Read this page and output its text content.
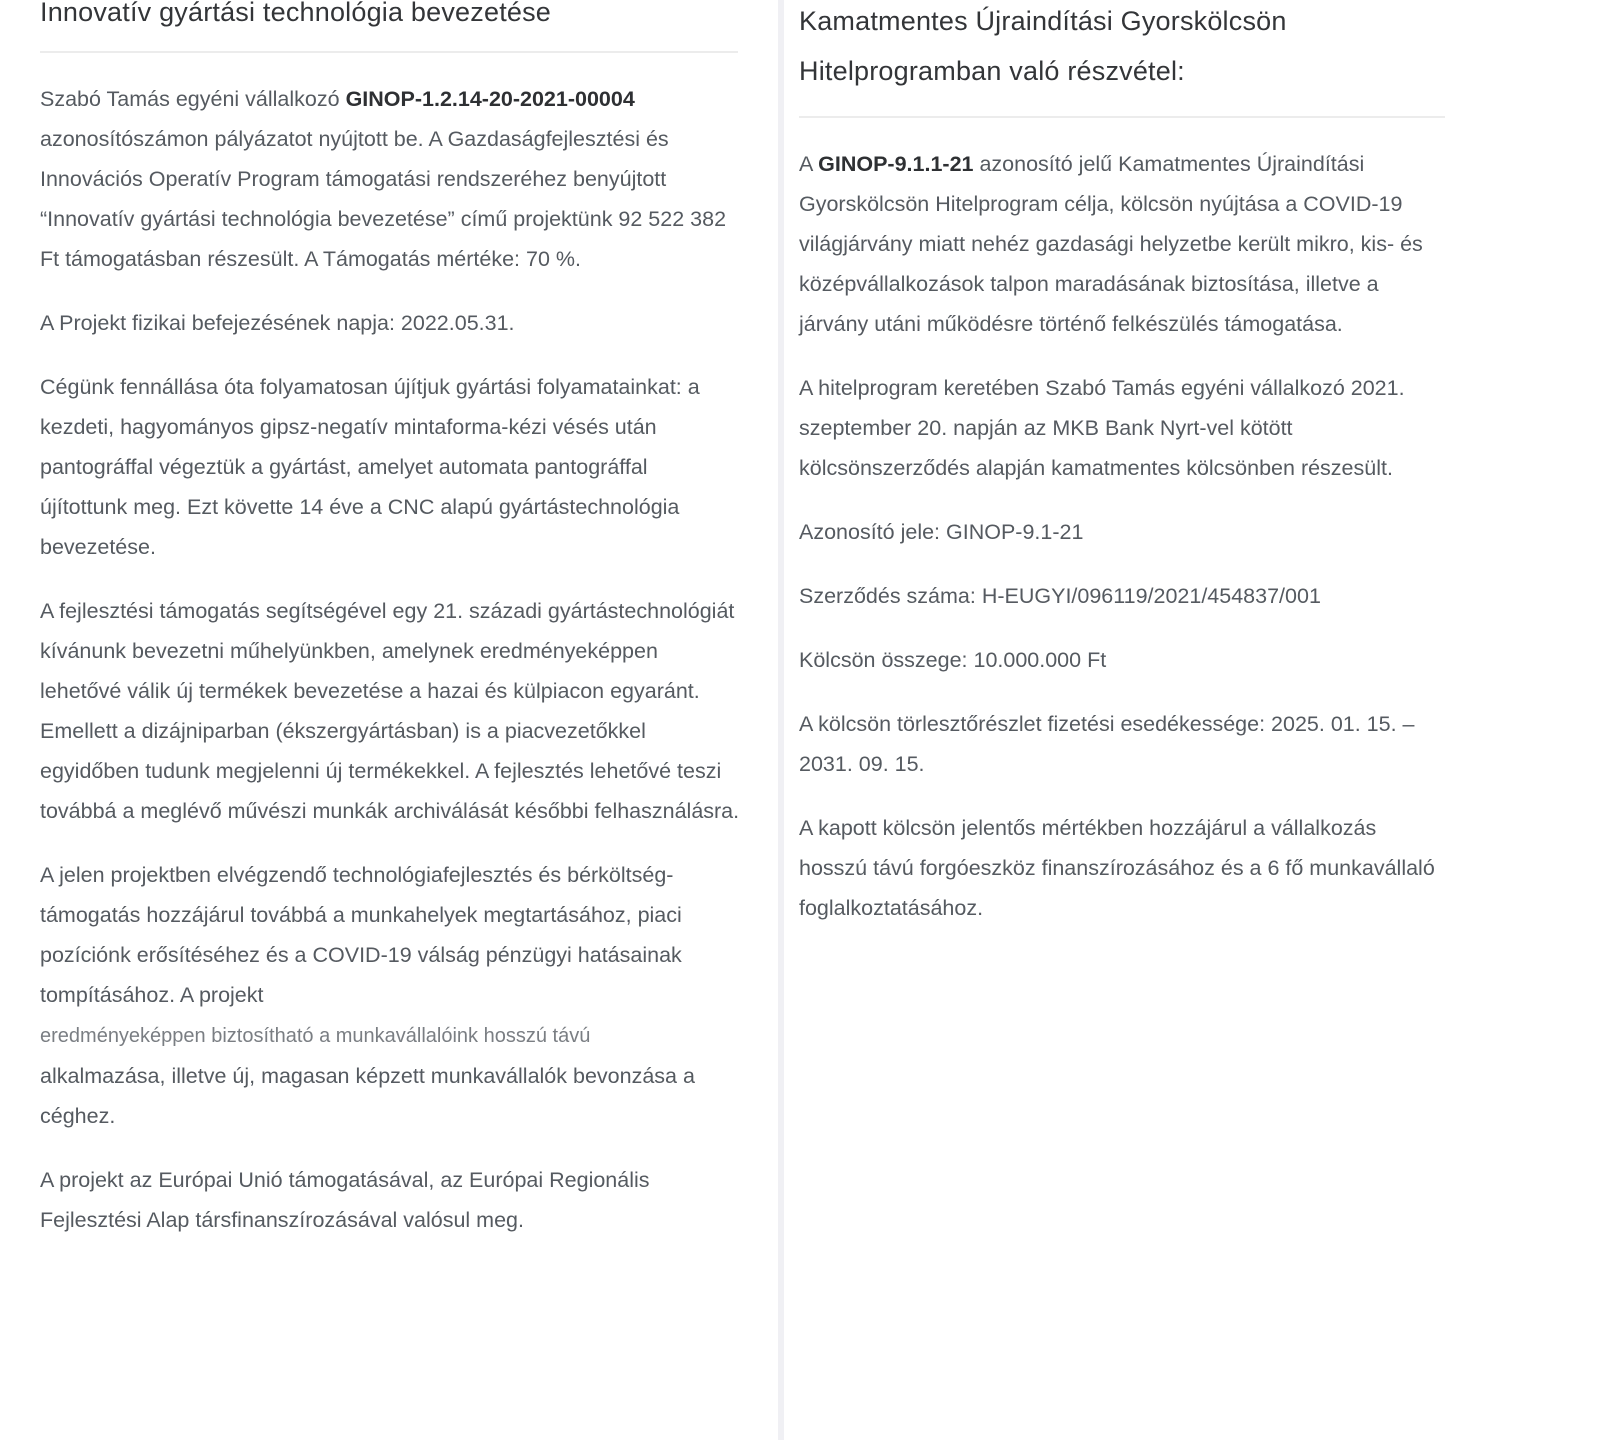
Innovatív gyártási technológia bevezetése

Szabó Tamás egyéni vállalkozó GINOP-1.2.14-20-2021-00004 azonosítószámon pályázatot nyújtott be. A Gazdaságfejlesztési és Innovációs Operatív Program támogatási rendszeréhez benyújtott “Innovatív gyártási technológia bevezetése” című projektünk 92 522 382 Ft támogatásban részesült. A Támogatás mértéke: 70 %.

A Projekt fizikai befejezésének napja: 2022.05.31.

Cégünk fennállása óta folyamatosan újítjuk gyártási folyamatainkat: a kezdeti, hagyományos gipsz-negatív mintaforma-kézi vésés után pantográffal végeztük a gyártást, amelyet automata pantográffal újítottunk meg. Ezt követte 14 éve a CNC alapú gyártástechnológia bevezetése.

A fejlesztési támogatás segítségével egy 21. századi gyártástechnológiát kívánunk bevezetni műhelyünkben, amelynek eredményeképpen lehetővé válik új termékek bevezetése a hazai és külpiacon egyaránt. Emellett a dizájniparban (ékszergyártásban) is a piacvezetőkkel egyidőben tudunk megjelenni új termékekkel. A fejlesztés lehetővé teszi továbbá a meglévő művészi munkák archiválását későbbi felhasználásra.

A jelen projektben elvégzendő technológiafejlesztés és bérköltség-támogatás hozzájárul továbbá a munkahelyek megtartásához, piaci pozíciónk erősítéséhez és a COVID-19 válság pénzügyi hatásainak tompításához. A projekt
eredményeképpen biztosítható a munkavállalóink hosszú távú
alkalmazása, illetve új, magasan képzett munkavállalók bevonzása a céghez.

A projekt az Európai Unió támogatásával, az Európai Regionális Fejlesztési Alap társfinanszírozásával valósul meg.

Kamatmentes Újraindítási Gyorskölcsön Hitelprogramban való részvétel:

A GINOP-9.1.1-21 azonosító jelű Kamatmentes Újraindítási Gyorskölcsön Hitelprogram célja, kölcsön nyújtása a COVID-19 világjárvány miatt nehéz gazdasági helyzetbe került mikro, kis- és középvállalkozások talpon maradásának biztosítása, illetve a járvány utáni működésre történő felkészülés támogatása.

A hitelprogram keretében Szabó Tamás egyéni vállalkozó 2021. szeptember 20. napján az MKB Bank Nyrt-vel kötött kölcsönszerződés alapján kamatmentes kölcsönben részesült.

Azonosító jele: GINOP-9.1-21

Szerződés száma: H-EUGYI/096119/2021/454837/001

Kölcsön összege: 10.000.000 Ft

A kölcsön törlesztőrészlet fizetési esedékessége: 2025. 01. 15. – 2031. 09. 15.

A kapott kölcsön jelentős mértékben hozzájárul a vállalkozás hosszú távú forgóeszköz finanszírozásához és a 6 fő munkavállaló foglalkoztatásához.
